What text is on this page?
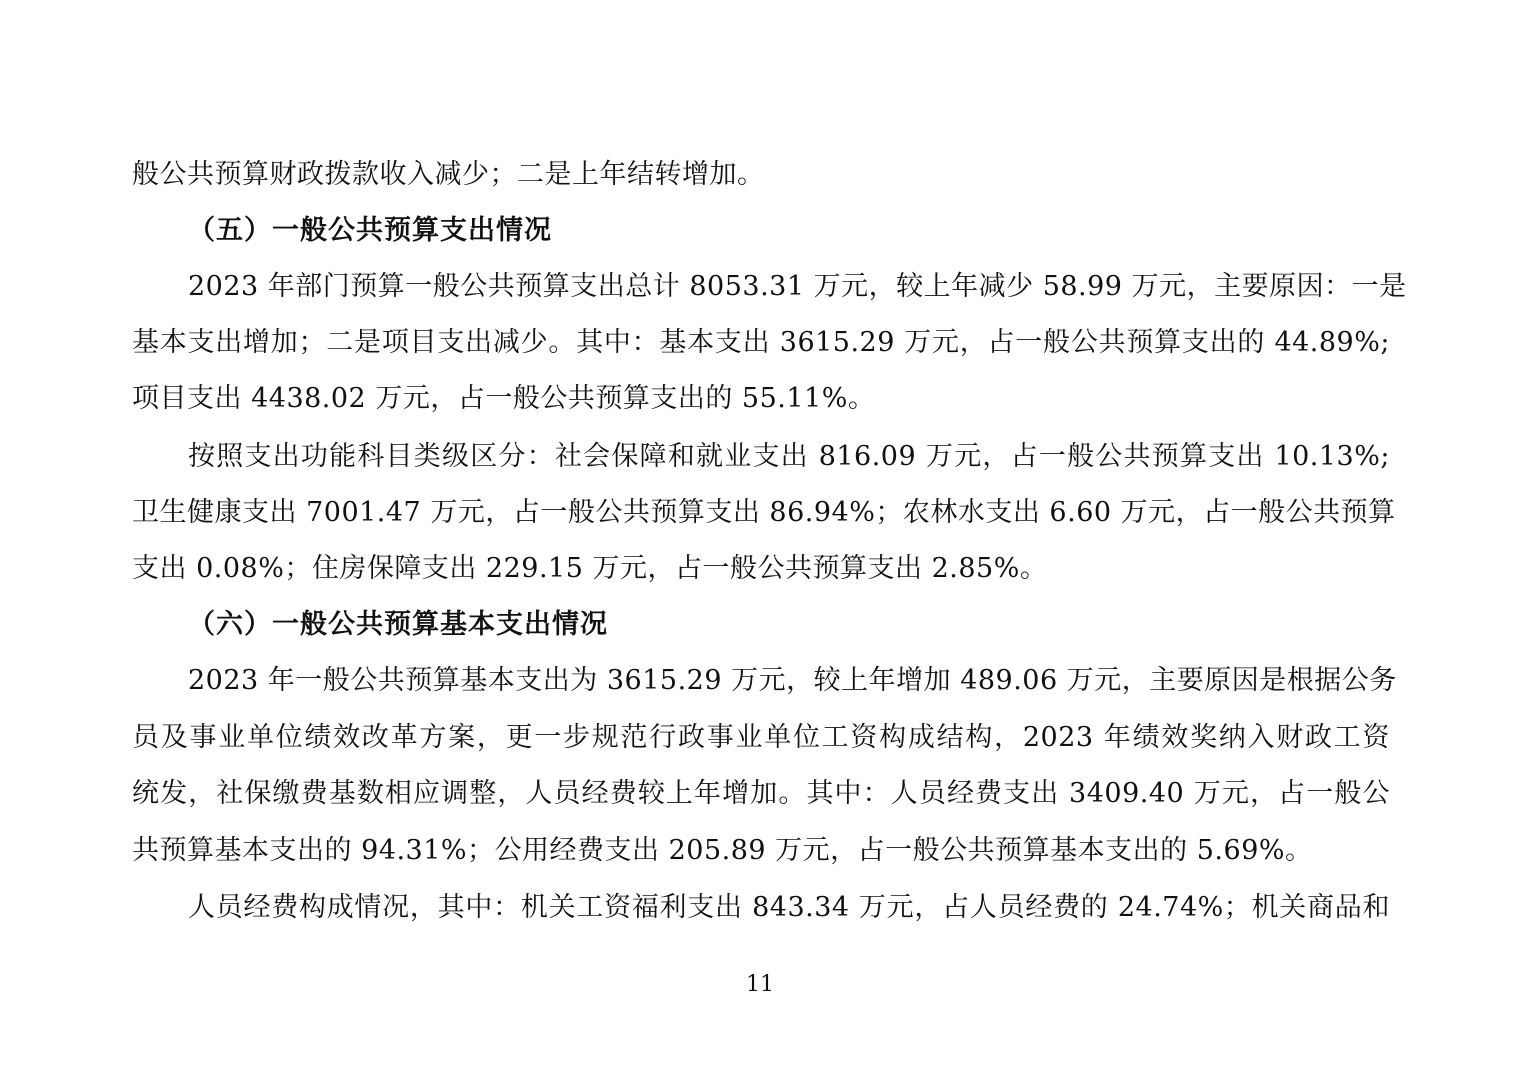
般公共预算财政拨款收入减少；二是上年结转增加。
（五）一般公共预算支出情况
2023 年部门预算一般公共预算支出总计 8053.31 万元，较上年减少 58.99 万元，主要原因：一是
基本支出增加；二是项目支出减少。其中：基本支出 3615.29 万元，占一般公共预算支出的 44.89%;
项目支出 4438.02 万元，占一般公共预算支出的 55.11%。
按照支出功能科目类级区分：社会保障和就业支出 816.09 万元，占一般公共预算支出 10.13%;
卫生健康支出 7001.47 万元，占一般公共预算支出 86.94%；农林水支出 6.60 万元，占一般公共预算
支出 0.08%；住房保障支出 229.15 万元，占一般公共预算支出 2.85%。
（六）一般公共预算基本支出情况
2023 年一般公共预算基本支出为 3615.29 万元，较上年增加 489.06 万元，主要原因是根据公务
员及事业单位绩效改革方案，更一步规范行政事业单位工资构成结构，2023 年绩效奖纳入财政工资
统发，社保缴费基数相应调整，人员经费较上年增加。其中：人员经费支出 3409.40 万元，占一般公
共预算基本支出的 94.31%；公用经费支出 205.89 万元，占一般公共预算基本支出的 5.69%。
人员经费构成情况，其中：机关工资福利支出 843.34 万元，占人员经费的 24.74%；机关商品和
11
